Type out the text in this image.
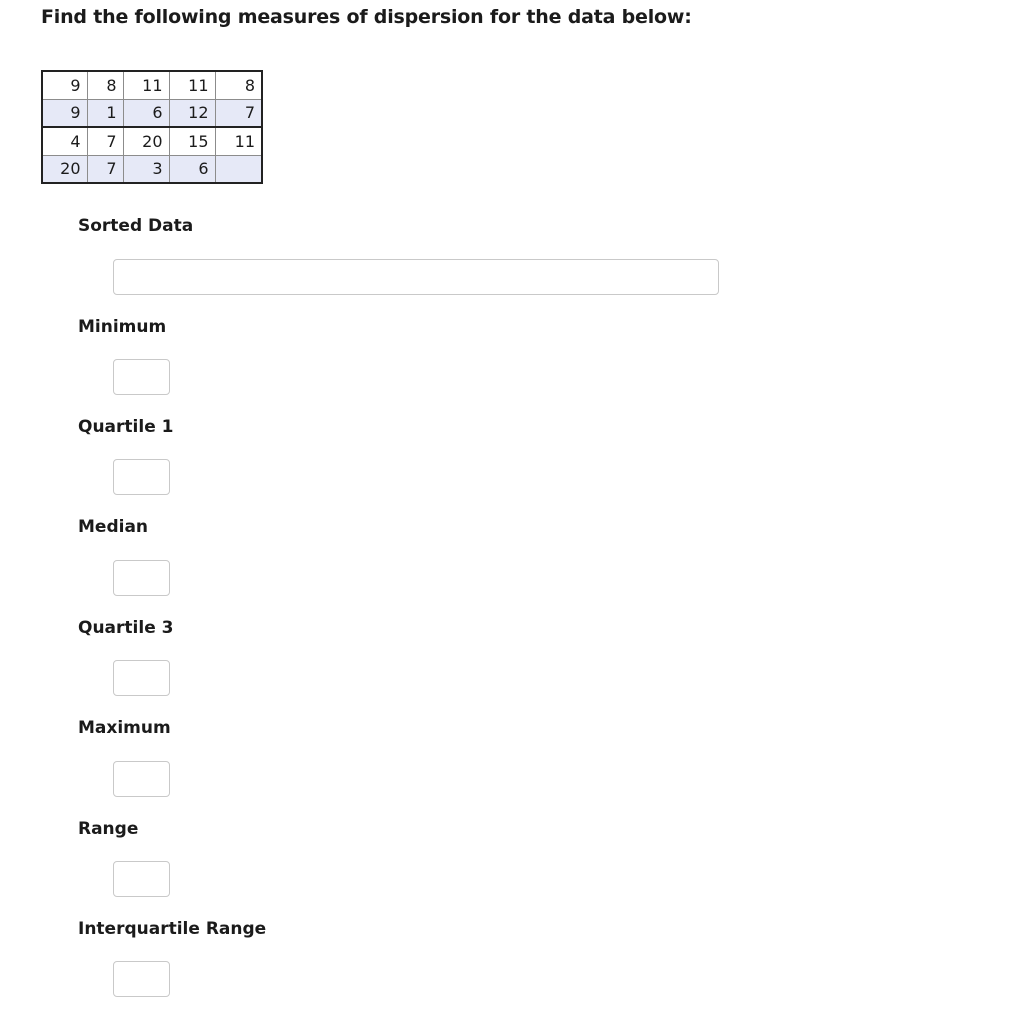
Find the following measures of dispersion for the data below:
9	8	11	11	8
9	1	6	12	7
4	7	20	15	11
20	7	3	6	
Sorted Data
Minimum
Quartile 1
Median
Quartile 3
Maximum
Range
Interquartile Range
